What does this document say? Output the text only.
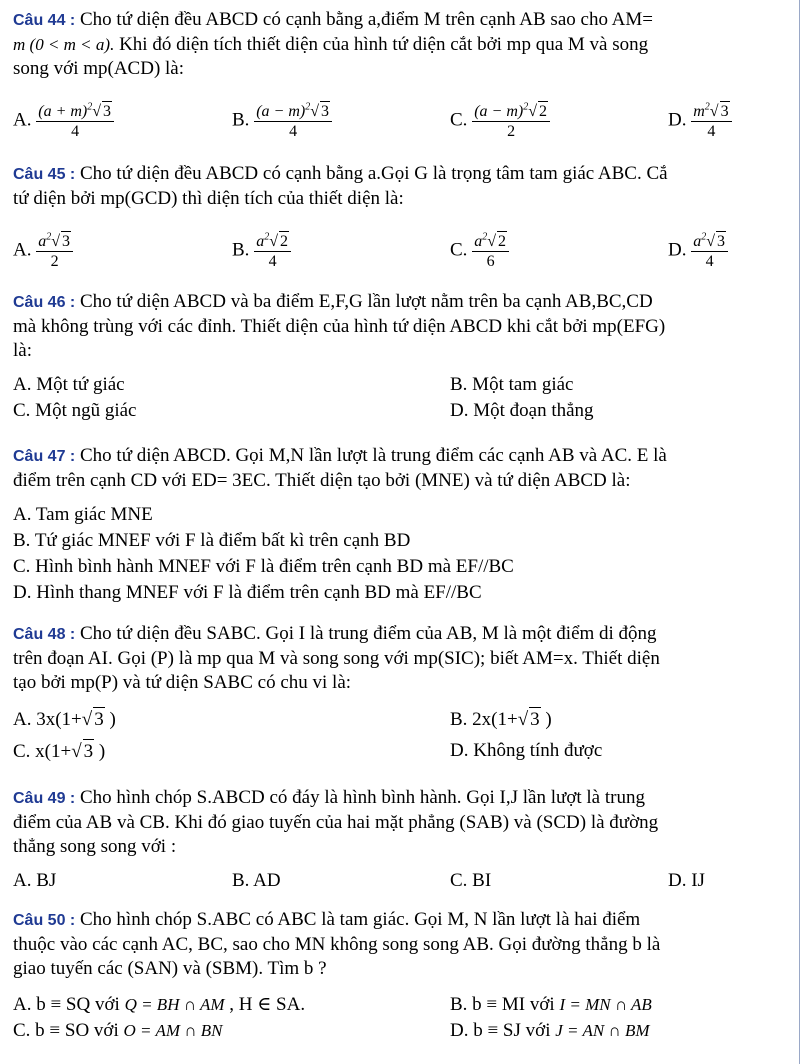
Câu 44 : Cho tứ diện đều ABCD có cạnh bằng a,điểm M trên cạnh AB sao cho AM=

m (0 < m < a). Khi đó diện tích thiết diện của hình tứ diện cắt bởi mp qua M và song

song với mp(ACD) là:

A. $\frac{(a + m)^2√ 3}{4}$	B. $\frac{(a - m)^2√ 3}{4}$	C. $\frac{(a - m)^2√ 2}{2}$	D. $\frac{m^2√ 3}{4}$

Câu 45 : Cho tứ diện đều ABCD có cạnh bằng a.Gọi G là trọng tâm tam giác ABC. Cắ

tứ diện bởi mp(GCD) thì diện tích của thiết diện là:

A. $\frac{a^2√ 3}{2}$	B. $\frac{a^2√ 2}{4}$	C. $\frac{a^2√ 2}{6}$	D. $\frac{a^2√ 3}{4}$

Câu 46 : Cho tứ diện ABCD và ba điểm E,F,G lần lượt nằm trên ba cạnh AB,BC,CD

mà không trùng với các đỉnh. Thiết diện của hình tứ diện ABCD khi cắt bởi mp(EFG)

là:

A. Một tứ giác	B. Một tam giác
C. Một ngũ giác	D. Một đoạn thẳng

Câu 47 : Cho tứ diện ABCD. Gọi M,N lần lượt là trung điểm các cạnh AB và AC. E là

điểm trên cạnh CD với ED= 3EC. Thiết diện tạo bởi (MNE) và tứ diện ABCD là:

A. Tam giác MNE

B. Tứ giác MNEF với F là điểm bất kì trên cạnh BD

C. Hình bình hành MNEF với F là điểm trên cạnh BD mà EF//BC

D. Hình thang MNEF với F là điểm trên cạnh BD mà EF//BC

Câu 48 : Cho tứ diện đều SABC. Gọi I là trung điểm của AB, M là một điểm di động

trên đoạn AI. Gọi (P) là mp qua M và song song với mp(SIC); biết AM=x. Thiết diện

tạo bởi mp(P) và tứ diện SABC có chu vi là:

A. 3x(1+√ 3 )	B. 2x(1+√ 3 )
C. x(1+√ 3 )	D. Không tính được

Câu 49 : Cho hình chóp S.ABCD có đáy là hình bình hành. Gọi I,J lần lượt là trung

điểm của AB và CB. Khi đó giao tuyến của hai mặt phẳng (SAB) và (SCD) là đường

thẳng song song với :

A. BJ	B. AD	C. BI	D. IJ

Câu 50 : Cho hình chóp S.ABC có ABC là tam giác. Gọi M, N lần lượt là hai điểm

thuộc vào các cạnh AC, BC, sao cho MN không song song AB. Gọi đường thẳng b là

giao tuyến các (SAN) và (SBM). Tìm b ?

A. b ≡ SQ với Q = BH ∩ AM , H ∈ SA.	B. b ≡ MI với I = MN ∩ AB
C. b ≡ SO với O = AM ∩ BN	D. b ≡ SJ với J = AN ∩ BM
